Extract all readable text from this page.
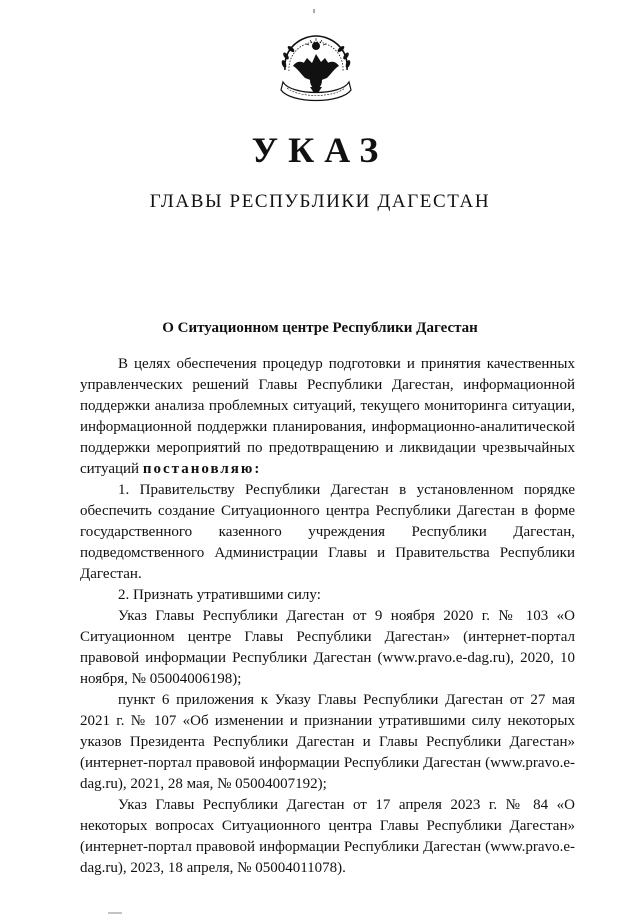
УКАЗ
ГЛАВЫ РЕСПУБЛИКИ ДАГЕСТАН
О Ситуационном центре Республики Дагестан

В целях обеспечения процедур подготовки и принятия качественных управленческих решений Главы Республики Дагестан, информационной поддержки анализа проблемных ситуаций, текущего мониторинга ситуации, информационной поддержки планирования, информационно-аналитической поддержки мероприятий по предотвращению и ликвидации чрезвычайных ситуаций постановляю:

1. Правительству Республики Дагестан в установленном порядке обеспечить создание Ситуационного центра Республики Дагестан в форме государственного казенного учреждения Республики Дагестан, подведомственного Администрации Главы и Правительства Республики Дагестан.

2. Признать утратившими силу:

Указ Главы Республики Дагестан от 9 ноября 2020 г. № 103 «О Ситуационном центре Главы Республики Дагестан» (интернет-портал правовой информации Республики Дагестан (www.pravo.e-dag.ru), 2020, 10 ноября, № 05004006198);

пункт 6 приложения к Указу Главы Республики Дагестан от 27 мая 2021 г. № 107 «Об изменении и признании утратившими силу некоторых указов Президента Республики Дагестан и Главы Республики Дагестан» (интернет-портал правовой информации Республики Дагестан (www.pravo.e-dag.ru), 2021, 28 мая, № 05004007192);

Указ Главы Республики Дагестан от 17 апреля 2023 г. № 84 «О некоторых вопросах Ситуационного центра Главы Республики Дагестан» (интернет-портал правовой информации Республики Дагестан (www.pravo.e-dag.ru), 2023, 18 апреля, № 05004011078).
